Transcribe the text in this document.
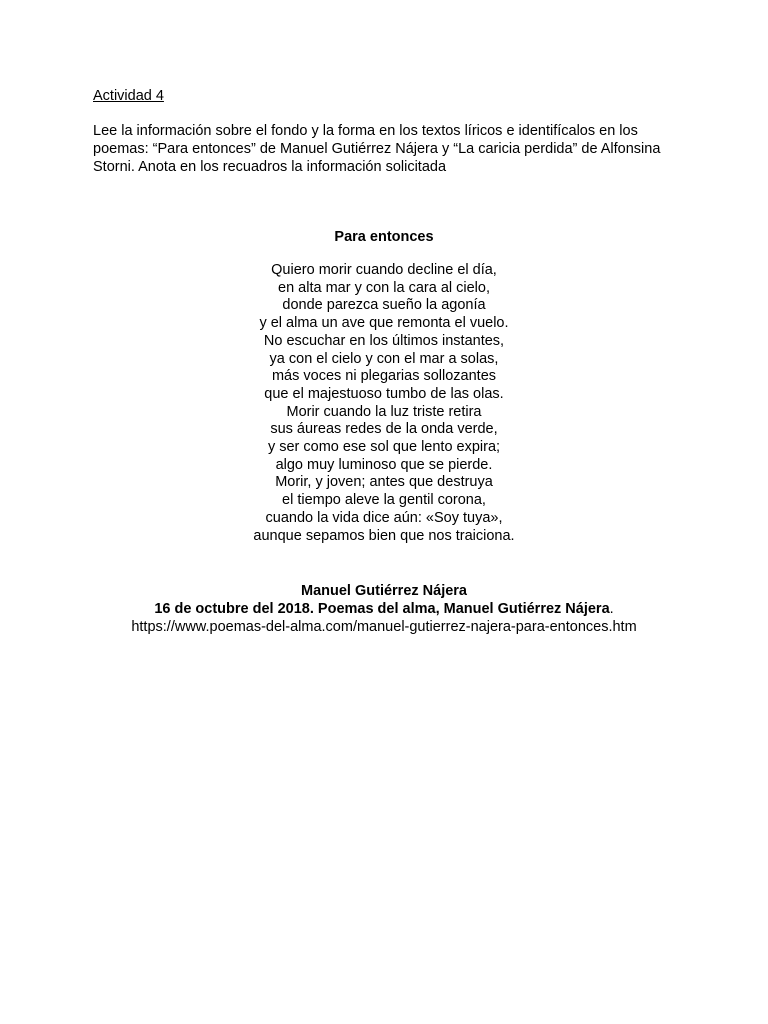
Actividad 4

Lee la información sobre el fondo y la forma en los textos líricos e identifícalos en los
poemas: “Para entonces” de Manuel Gutiérrez Nájera y “La caricia perdida” de Alfonsina
Storni. Anota en los recuadros la información solicitada

Para entonces
Quiero morir cuando decline el día,
en alta mar y con la cara al cielo,
donde parezca sueño la agonía
y el alma un ave que remonta el vuelo.
No escuchar en los últimos instantes,
ya con el cielo y con el mar a solas,
más voces ni plegarias sollozantes
que el majestuoso tumbo de las olas.
Morir cuando la luz triste retira
sus áureas redes de la onda verde,
y ser como ese sol que lento expira;
algo muy luminoso que se pierde.
Morir, y joven; antes que destruya
el tiempo aleve la gentil corona,
cuando la vida dice aún: «Soy tuya»,
aunque sepamos bien que nos traiciona.
Manuel Gutiérrez Nájera
16 de octubre del 2018. Poemas del alma, Manuel Gutiérrez Nájera.
https://www.poemas-del-alma.com/manuel-gutierrez-najera-para-entonces.htm
